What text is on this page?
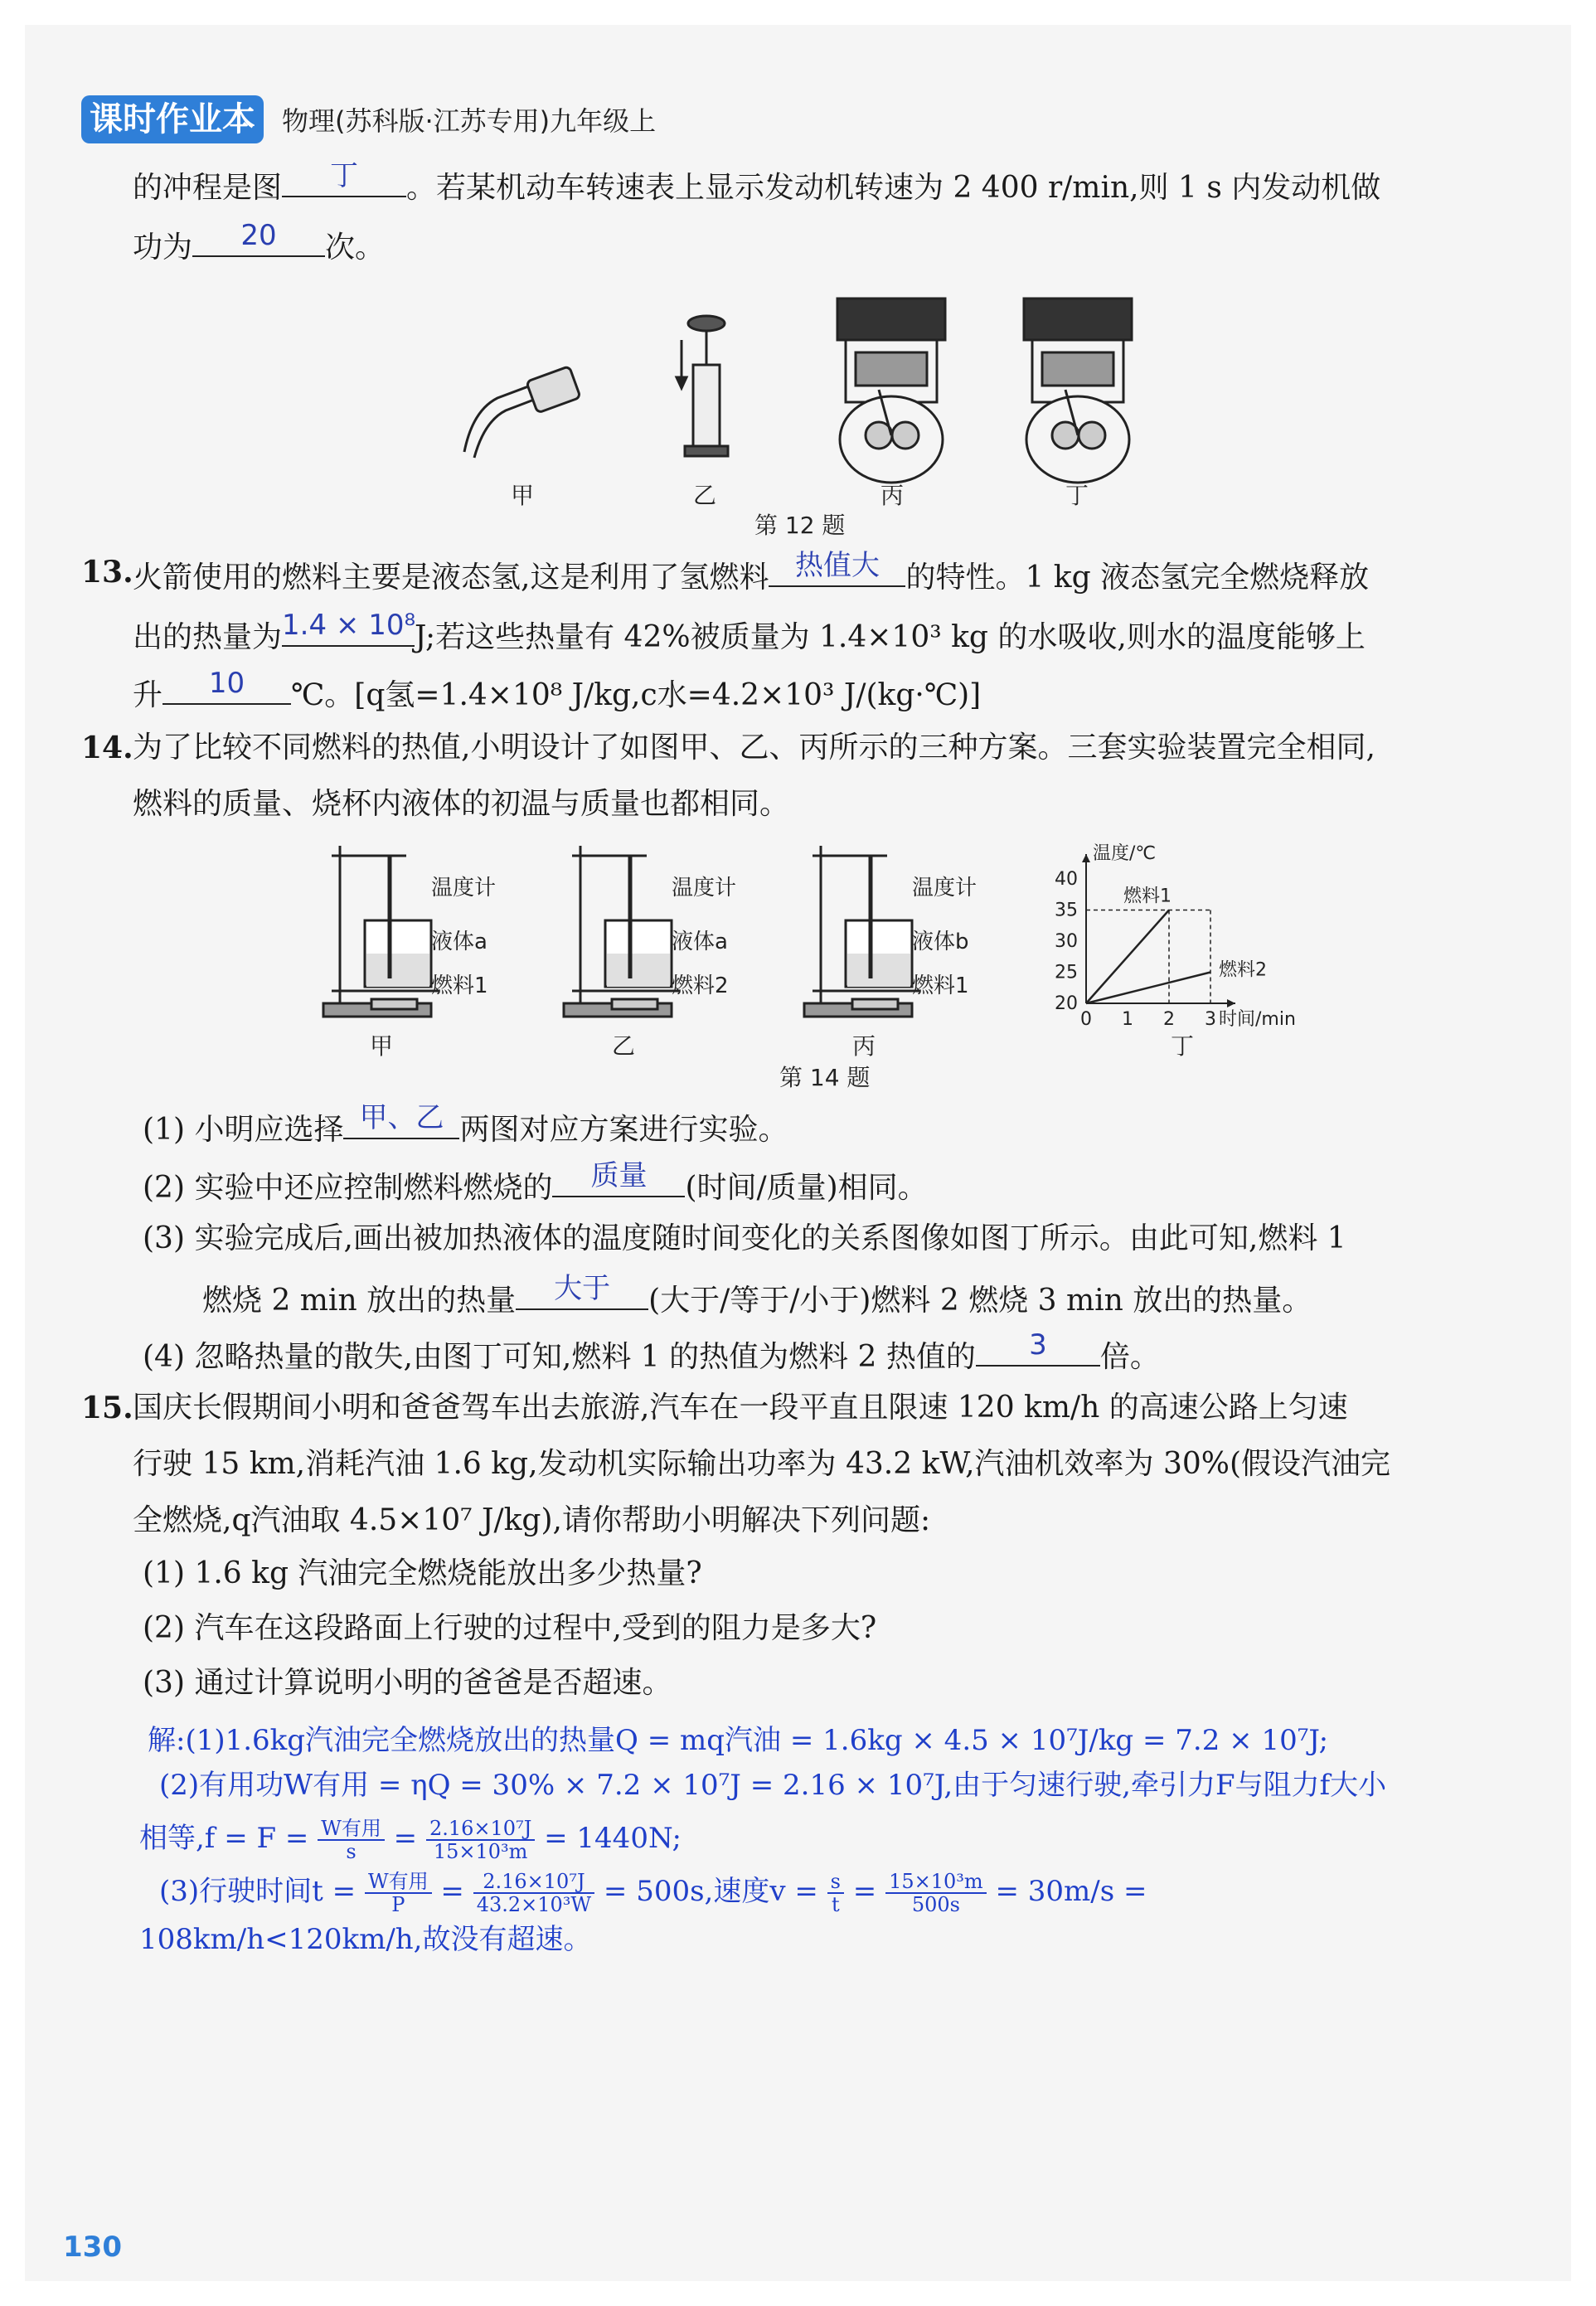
课时作业本	物理(苏科版·江苏专用)九年级上
的冲程是图	丁	。若某机动车转速表上显示发动机转速为 2 400 r/min,则 1 s 内发动机做
功为	20	次。
甲	乙	丙	丁
第 12 题
13. 火箭使用的燃料主要是液态氢,这是利用了氢燃料 热值大 的特性。1 kg 液态氢完全燃烧释放
出的热量为 1.4 × 10⁸
J;若这些热量有 42%被质量为 1.4×10³ kg 的水吸收,则水的温度能够上
升	10	℃。[q氢=1.4×10⁸ J/kg,c水=4.2×10³ J/(kg·℃)]
14. 为了比较不同燃料的热值,小明设计了如图甲、乙、丙所示的三种方案。三套实验装置完全相同,
燃料的质量、烧杯内液体的初温与质量也都相同。
温度计
液体a
燃料1
甲
温度计
液体a
燃料2
乙
温度计
液体b
燃料1
丙
0 1 2 3
20
25
30
35
40
时间/min
温度/℃
燃料1
燃料2
丁
第 14 题
(1) 小明应选择 甲、乙 两图对应方案进行实验。
(2) 实验中还应控制燃料燃烧的	质量	(时间/质量)相同。
(3) 实验完成后,画出被加热液体的温度随时间变化的关系图像如图丁所示。由此可知,燃料 1
燃烧 2 min 放出的热量	大于	(大于/等于/小于)燃料 2 燃烧 3 min 放出的热量。
(4) 忽略热量的散失,由图丁可知,燃料 1 的热值为燃料 2 热值的	3	倍。
15. 国庆长假期间小明和爸爸驾车出去旅游,汽车在一段平直且限速 120 km/h 的高速公路上匀速
行驶 15 km,消耗汽油 1.6 kg,发动机实际输出功率为 43.2 kW,汽油机效率为 30%(假设汽油完
全燃烧,q汽油取 4.5×10⁷ J/kg),请你帮助小明解决下列问题:
(1) 1.6 kg 汽油完全燃烧能放出多少热量?
(2) 汽车在这段路面上行驶的过程中,受到的阻力是多大?
(3) 通过计算说明小明的爸爸是否超速。
解:(1)1.6kg汽油完全燃烧放出的热量Q = mq汽油 = 1.6kg × 4.5 × 10⁷J/kg = 7.2 × 10⁷J;
(2)有用功W有用 = ηQ = 30% × 7.2 × 10⁷J = 2.16 × 10⁷J,由于匀速行驶,牵引力F与阻力f大小
相等$,f = F = \frac{\text{W有用}}{s} = \frac{\text{2.16×10⁷J}}{\text{15×10³m}} = 1440N$;
(3)行驶时间$t = \frac{\text{W有用}}{P} = \frac{\text{2.16×10⁷J}}{\text{43.2×10³W}} = 500s$,速度$v = \frac{s}{t} = \frac{\text{15×10³m}}{500s} = 30m/s$ =
108km/h<120km/h,故没有超速。
130
